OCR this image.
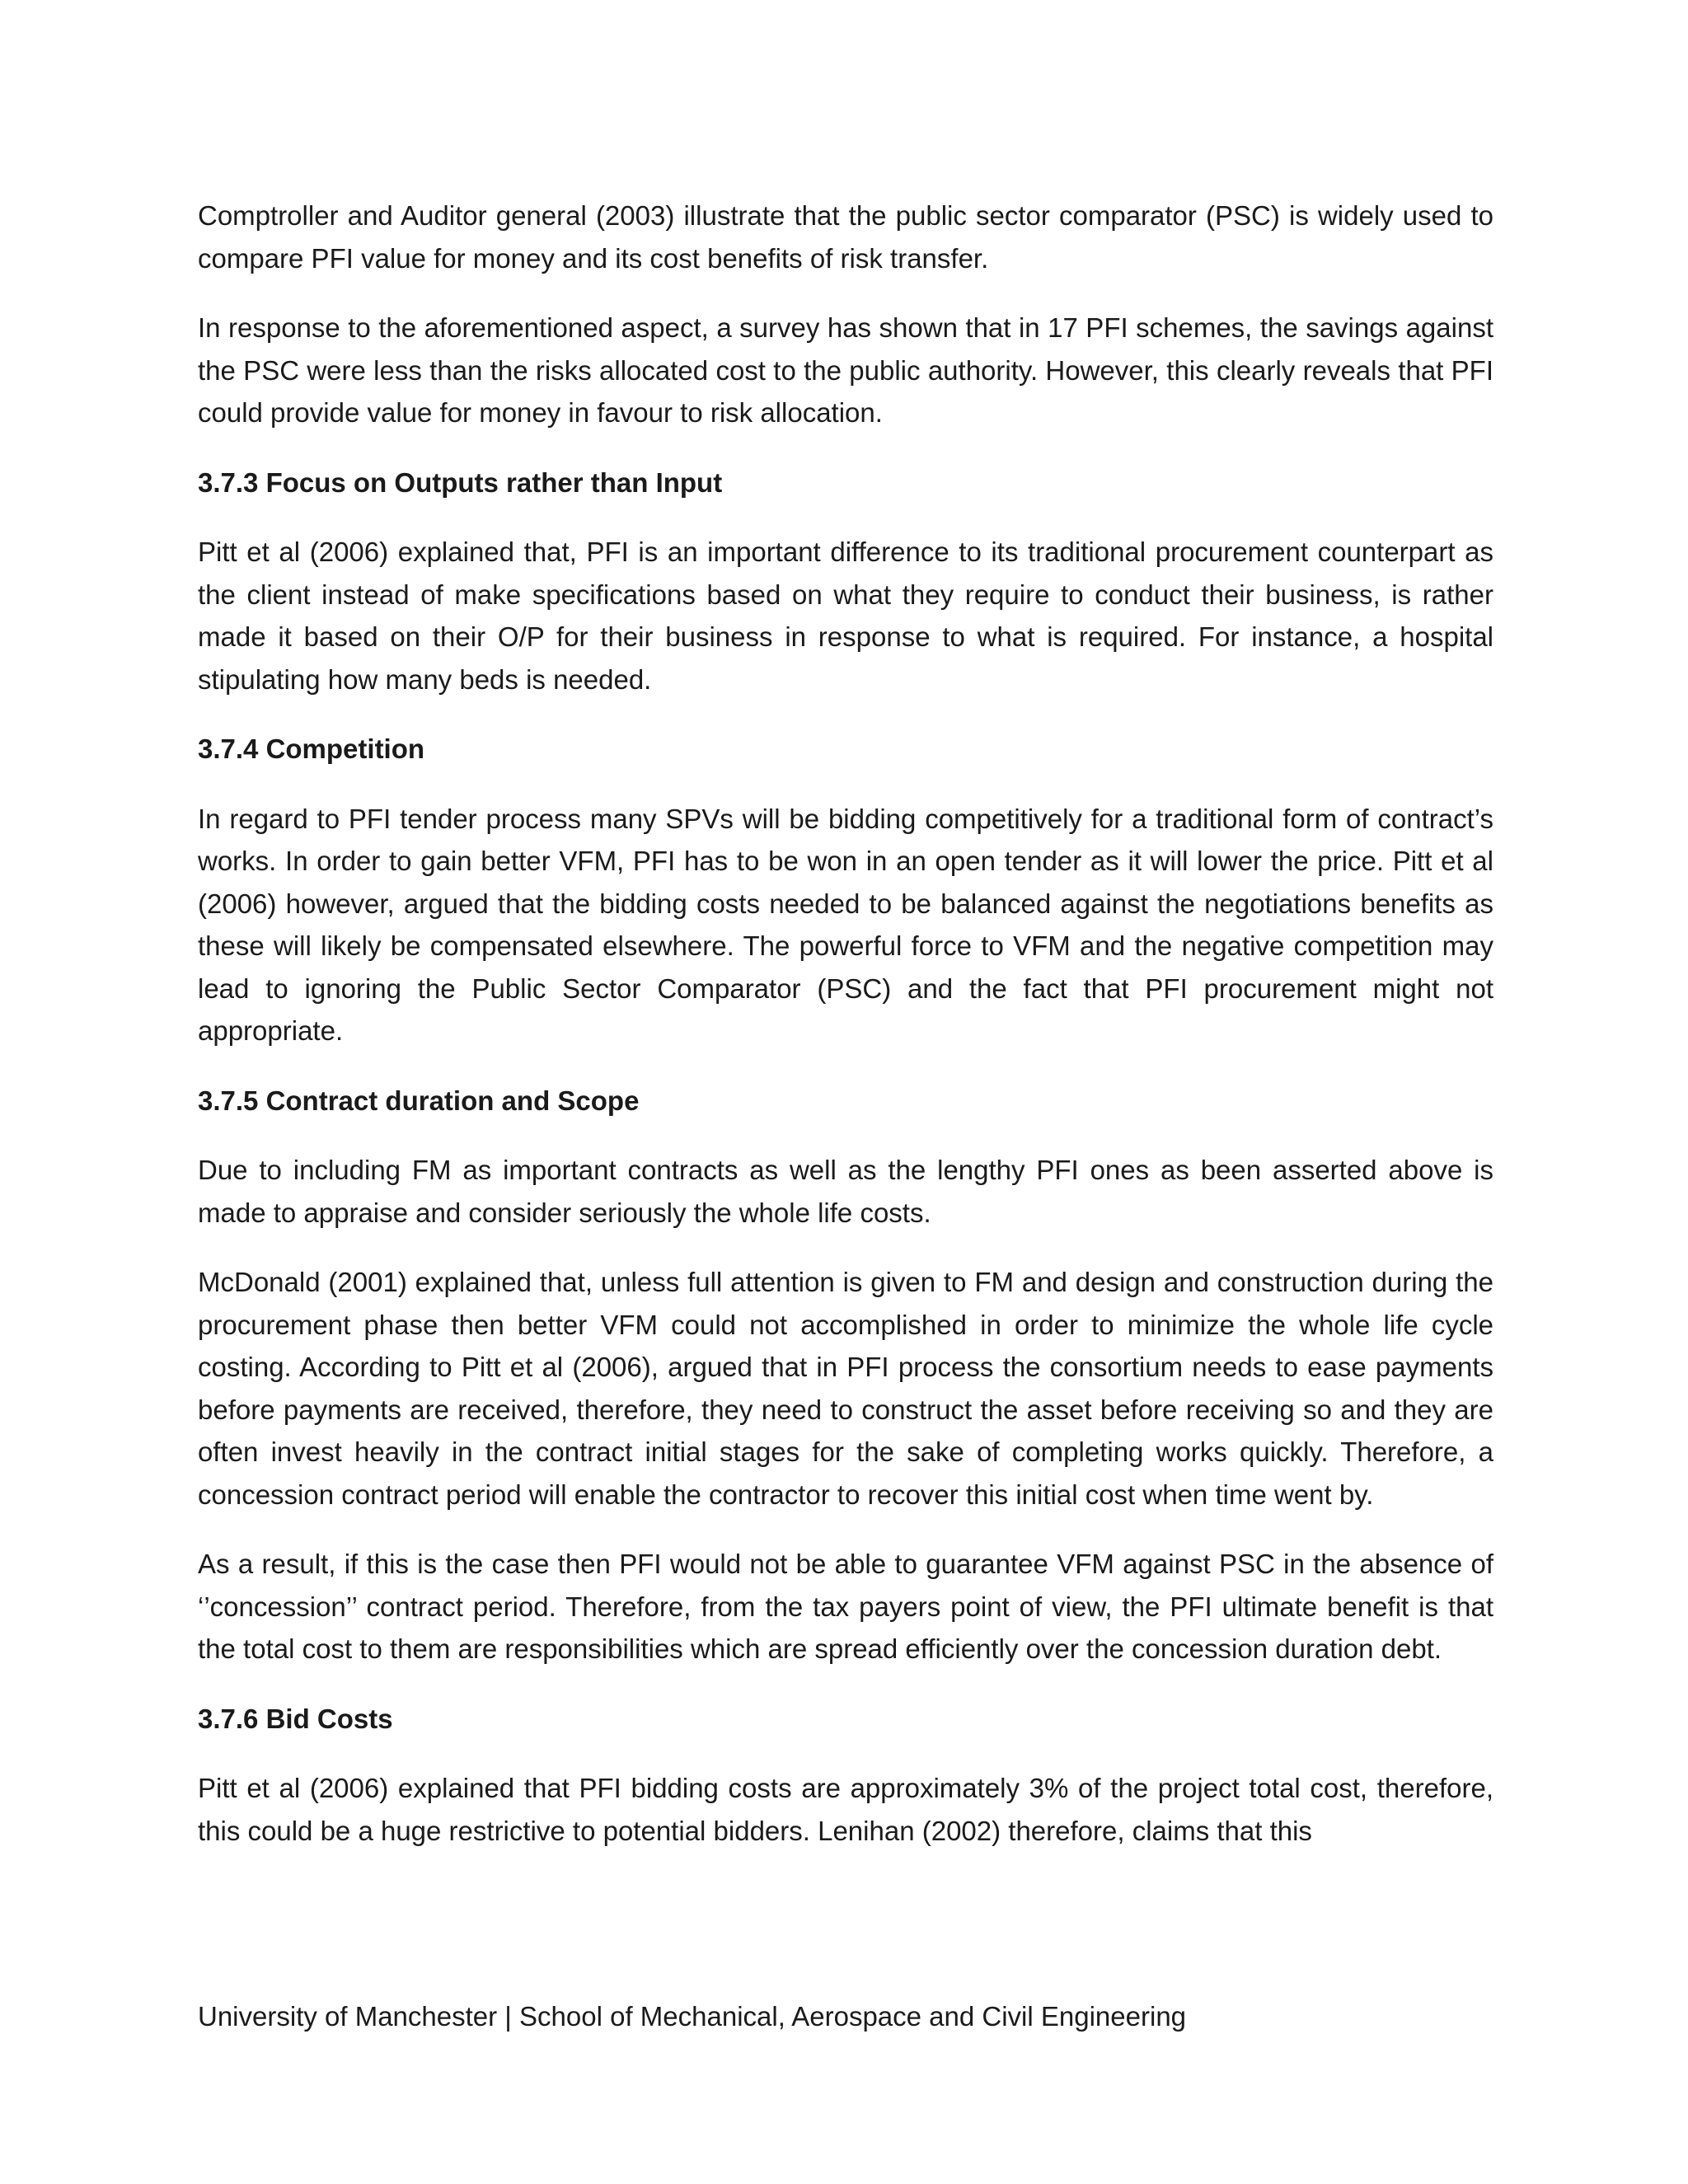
Comptroller and Auditor general (2003) illustrate that the public sector comparator (PSC) is widely used to compare PFI value for money and its cost benefits of risk transfer.

In response to the aforementioned aspect, a survey has shown that in 17 PFI schemes, the savings against the PSC were less than the risks allocated cost to the public authority. However, this clearly reveals that PFI could provide value for money in favour to risk allocation.

3.7.3 Focus on Outputs rather than Input

Pitt et al (2006) explained that, PFI is an important difference to its traditional procurement counterpart as the client instead of make specifications based on what they require to conduct their business, is rather made it based on their O/P for their business in response to what is required. For instance, a hospital stipulating how many beds is needed.

3.7.4 Competition

In regard to PFI tender process many SPVs will be bidding competitively for a traditional form of contract’s works. In order to gain better VFM, PFI has to be won in an open tender as it will lower the price. Pitt et al (2006) however, argued that the bidding costs needed to be balanced against the negotiations benefits as these will likely be compensated elsewhere. The powerful force to VFM and the negative competition may lead to ignoring the Public Sector Comparator (PSC) and the fact that PFI procurement might not appropriate.

3.7.5 Contract duration and Scope

Due to including FM as important contracts as well as the lengthy PFI ones as been asserted above is made to appraise and consider seriously the whole life costs.

McDonald (2001) explained that, unless full attention is given to FM and design and construction during the procurement phase then better VFM could not accomplished in order to minimize the whole life cycle costing. According to Pitt et al (2006), argued that in PFI process the consortium needs to ease payments before payments are received, therefore, they need to construct the asset before receiving so and they are often invest heavily in the contract initial stages for the sake of completing works quickly. Therefore, a concession contract period will enable the contractor to recover this initial cost when time went by.

As a result, if this is the case then PFI would not be able to guarantee VFM against PSC in the absence of ‘’concession’’ contract period. Therefore, from the tax payers point of view, the PFI ultimate benefit is that the total cost to them are responsibilities which are spread efficiently over the concession duration debt.

3.7.6 Bid Costs

Pitt et al (2006) explained that PFI bidding costs are approximately 3% of the project total cost, therefore, this could be a huge restrictive to potential bidders. Lenihan (2002) therefore, claims that this

University of Manchester | School of Mechanical, Aerospace and Civil Engineering
